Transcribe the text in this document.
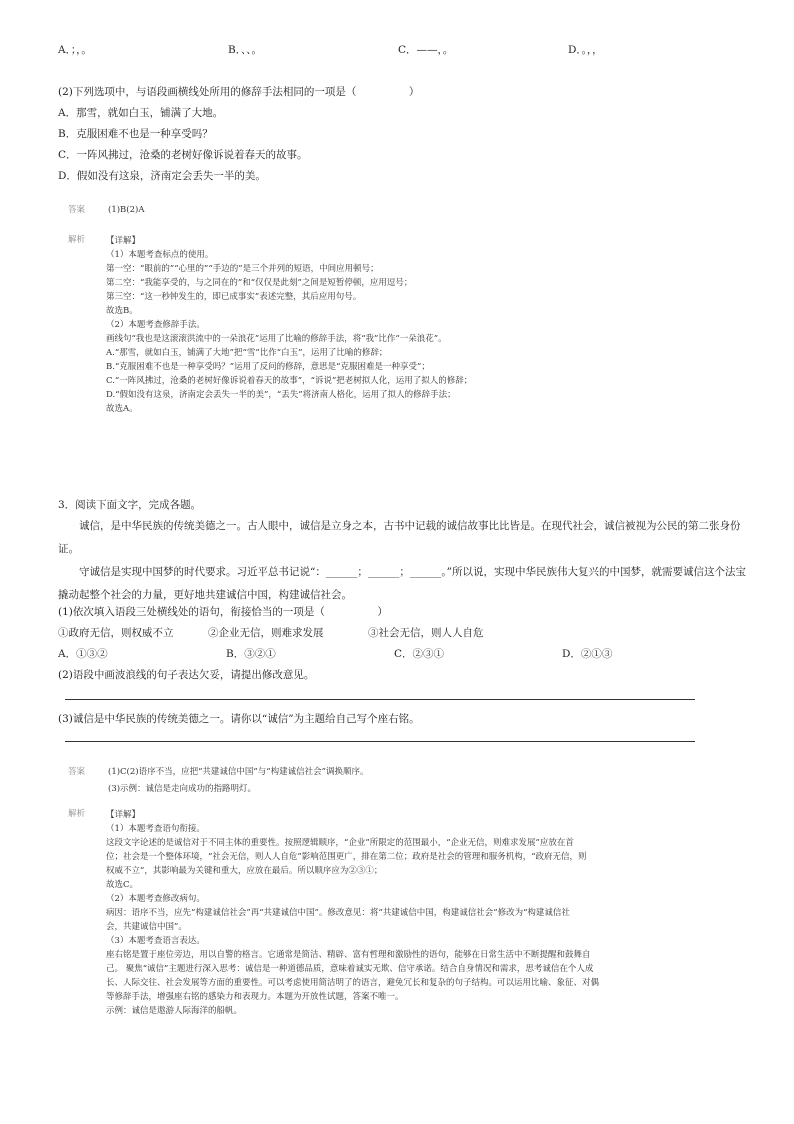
A．；，。	B．、、。	C．——，。	D．。，，
(2)下列选项中，与语段画横线处所用的修辞手法相同的一项是（　　　　　）
A．那雪，就如白玉，铺满了大地。
B．克服困难不也是一种享受吗？
C．一阵风拂过，沧桑的老树好像诉说着春天的故事。
D．假如没有这泉，济南定会丢失一半的美。
答案	(1)B(2)A
解析 【详解】
（1）本题考查标点的使用。
第一空：“眼前的”“心里的”“手边的”是三个并列的短语，中间应用顿号；
第二空：“我能享受的，与之同在的”和“仅仅是此刻”之间是短暂停顿，应用逗号；
第三空：“这一秒钟发生的，即已成事实”表述完整，其后应用句号。
故选B。
（2）本题考查修辞手法。
画线句“我也是这滚滚洪流中的一朵浪花”运用了比喻的修辞手法，将“我”比作“一朵浪花”。
A.“那雪，就如白玉，铺满了大地”把“雪”比作“白玉”，运用了比喻的修辞；
B.“克服困难不也是一种享受吗？”运用了反问的修辞，意思是“克服困难是一种享受”；
C.“一阵风拂过，沧桑的老树好像诉说着春天的故事”，“诉说”把老树拟人化，运用了拟人的修辞；
D.“假如没有这泉，济南定会丢失一半的美”，“丢失”将济南人格化，运用了拟人的修辞手法；
故选A。
3．阅读下面文字，完成各题。
诚信，是中华民族的传统美德之一。古人眼中，诚信是立身之本，古书中记载的诚信故事比比皆是。在现代社会，诚信被视为公民的第二张身份证。
守诚信是实现中国梦的时代要求。习近平总书记说“：______；______；______。”所以说，实现中华民族伟大复兴的中国梦，就需要诚信这个法宝撬动起整个社会的力量，更好地共建诚信中国，构建诚信社会。
(1)依次填入语段三处横线处的语句，衔接恰当的一项是（　　　　　）
①政府无信，则权威不立	②企业无信，则难求发展	③社会无信，则人人自危
A．①③②	B．③②①	C．②③①	D．②①③
(2)语段中画波浪线的句子表达欠妥，请提出修改意见。
(3)诚信是中华民族的传统美德之一。请你以“诚信”为主题给自己写个座右铭。
答案	(1)C(2)语序不当，应把“共建诚信中国”与“构建诚信社会”调换顺序。
(3)示例：诚信是走向成功的指路明灯。
解析 【详解】
（1）本题考查语句衔接。
这段文字论述的是诚信对于不同主体的重要性。按照逻辑顺序，“企业”所限定的范围最小，“企业无信，则难求发展”应放在首
位；社会是一个整体环境，“社会无信，则人人自危”影响范围更广，排在第二位；政府是社会的管理和服务机构，“政府无信，则
权威不立”，其影响最为关键和重大，应放在最后。所以顺序应为②③①；
故选C。
（2）本题考查修改病句。
病因：语序不当，应先“构建诚信社会”再“共建诚信中国”。修改意见：将“共建诚信中国，构建诚信社会”修改为“构建诚信社
会，共建诚信中国”。
（3）本题考查语言表达。
座右铭是置于座位旁边，用以自警的格言。它通常是简洁、精辟、富有哲理和激励性的语句，能够在日常生活中不断提醒和鼓舞自
己。 聚焦“诚信”主题进行深入思考：诚信是一种道德品质，意味着诚实无欺、信守承诺。结合自身情况和需求，思考诚信在个人成
长、人际交往、社会发展等方面的重要性。可以考虑使用简洁明了的语言，避免冗长和复杂的句子结构。可以运用比喻、象征、对偶
等修辞手法，增强座右铭的感染力和表现力。本题为开放性试题，答案不唯一。
示例：诚信是遨游人际海洋的船帆。
